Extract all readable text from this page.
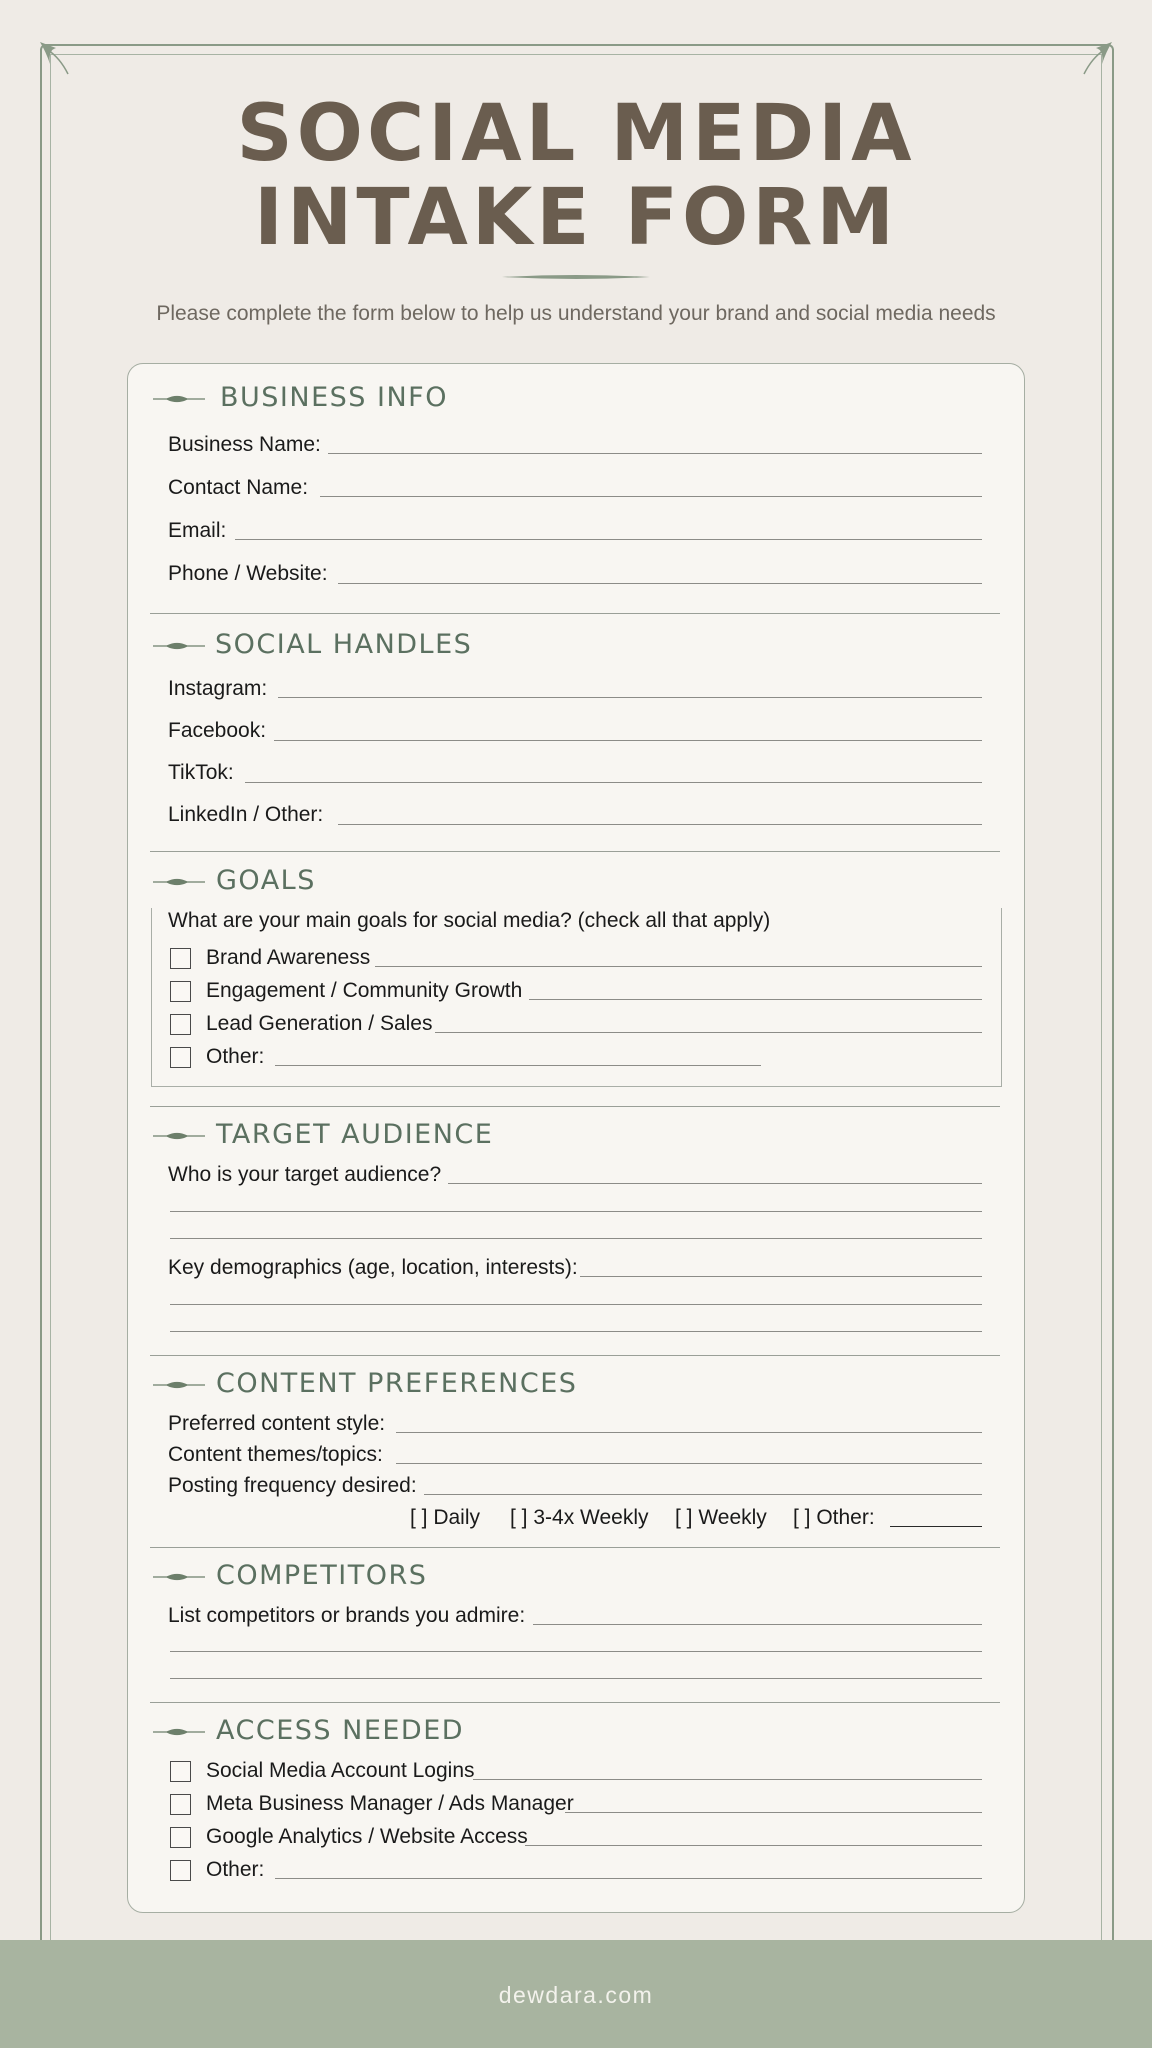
SOCIAL MEDIA
INTAKE FORM
Please complete the form below to help us understand your brand and social media needs
BUSINESS INFO
Business Name:
Contact Name:
Email:
Phone / Website:
SOCIAL HANDLES
Instagram:
Facebook:
TikTok:
LinkedIn / Other:
GOALS
What are your main goals for social media? (check all that apply)
Brand Awareness
Engagement / Community Growth
Lead Generation / Sales
Other:
TARGET AUDIENCE
Who is your target audience?
Key demographics (age, location, interests):
CONTENT PREFERENCES
Preferred content style:
Content themes/topics:
Posting frequency desired:
[ ] Daily [ ] 3-4x Weekly [ ] Weekly [ ] Other:
COMPETITORS
List competitors or brands you admire:
ACCESS NEEDED
Social Media Account Logins
Meta Business Manager / Ads Manager
Google Analytics / Website Access
Other:
dewdara.com
